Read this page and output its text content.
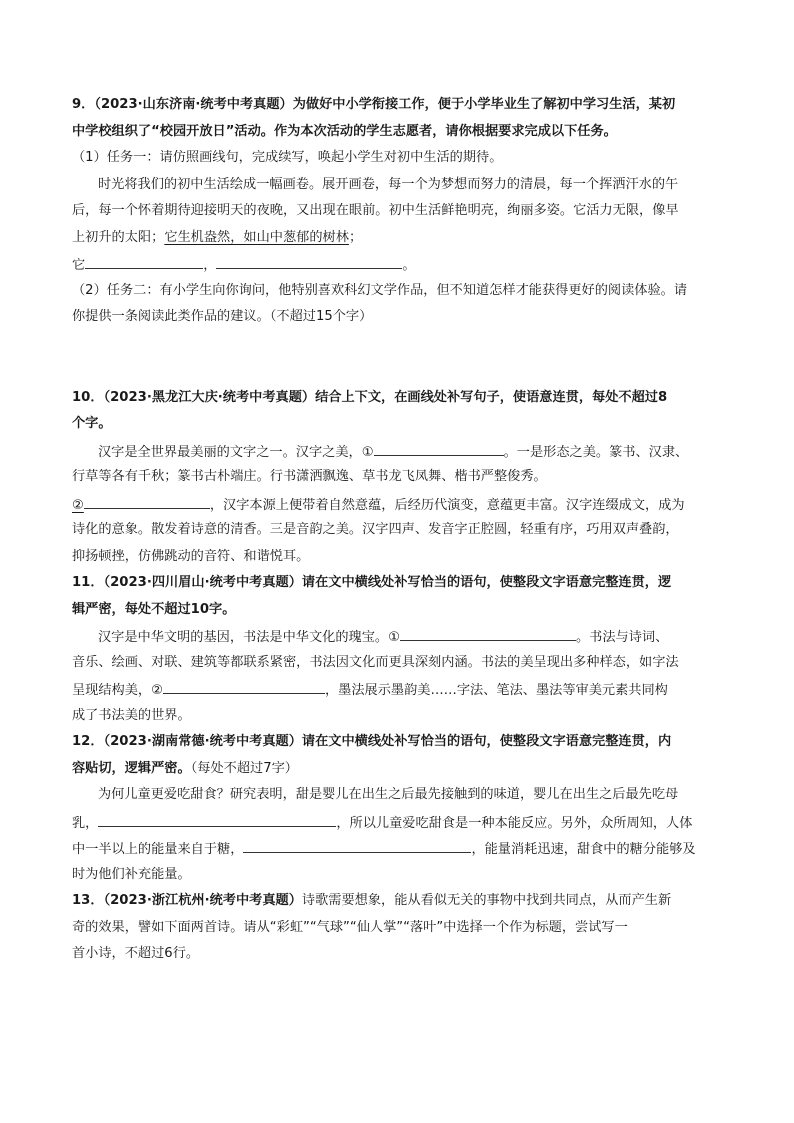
9．（2023·山东济南·统考中考真题）为做好中小学衔接工作，便于小学毕业生了解初中学习生活，某初

中学校组织了“校园开放日”活动。作为本次活动的学生志愿者，请你根据要求完成以下任务。

（1）任务一：请仿照画线句，完成续写，唤起小学生对初中生活的期待。

时光将我们的初中生活绘成一幅画卷。展开画卷，每一个为梦想而努力的清晨，每一个挥洒汗水的午

后，每一个怀着期待迎接明天的夜晚，又出现在眼前。初中生活鲜艳明亮，绚丽多姿。它活力无限，像早

上初升的太阳；它生机盎然，如山中葱郁的树林；

它	，	。

（2）任务二：有小学生向你询问，他特别喜欢科幻文学作品，但不知道怎样才能获得更好的阅读体验。请

你提供一条阅读此类作品的建议。（不超过15个字）

10．（2023·黑龙江大庆·统考中考真题）结合上下文，在画线处补写句子，使语意连贯，每处不超过8

个字。

汉字是全世界最美丽的文字之一。汉字之美，①	。一是形态之美。篆书、汉隶、

行草等各有千秋；篆书古朴端庄。行书潇洒飘逸、草书龙飞凤舞、楷书严整俊秀。

②	，汉字本源上便带着自然意蕴，后经历代演变，意蕴更丰富。汉字连缀成文，成为

诗化的意象。散发着诗意的清香。三是音韵之美。汉字四声、发音字正腔圆，轻重有序，巧用双声叠韵，

抑扬顿挫，仿佛跳动的音符、和谐悦耳。

11．（2023·四川眉山·统考中考真题）请在文中横线处补写恰当的语句，使整段文字语意完整连贯，逻

辑严密，每处不超过10字。

汉字是中华文明的基因，书法是中华文化的瑰宝。①	。书法与诗词、

音乐、绘画、对联、建筑等都联系紧密，书法因文化而更具深刻内涵。书法的美呈现出多种样态，如字法

呈现结构美，②	，墨法展示墨韵美……字法、笔法、墨法等审美元素共同构

成了书法美的世界。

12．（2023·湖南常德·统考中考真题）请在文中横线处补写恰当的语句，使整段文字语意完整连贯，内

容贴切，逻辑严密。（每处不超过7字）

为何儿童更爱吃甜食？研究表明，甜是婴儿在出生之后最先接触到的味道，婴儿在出生之后最先吃母

乳，	，所以儿童爱吃甜食是一种本能反应。另外，众所周知，人体

中一半以上的能量来自于糖，	，能量消耗迅速，甜食中的糖分能够及

时为他们补充能量。

13．（2023·浙江杭州·统考中考真题）诗歌需要想象，能从看似无关的事物中找到共同点，从而产生新

奇的效果，譬如下面两首诗。请从“彩虹”“气球”“仙人掌”“落叶”中选择一个作为标题，尝试写一

首小诗，不超过6行。
